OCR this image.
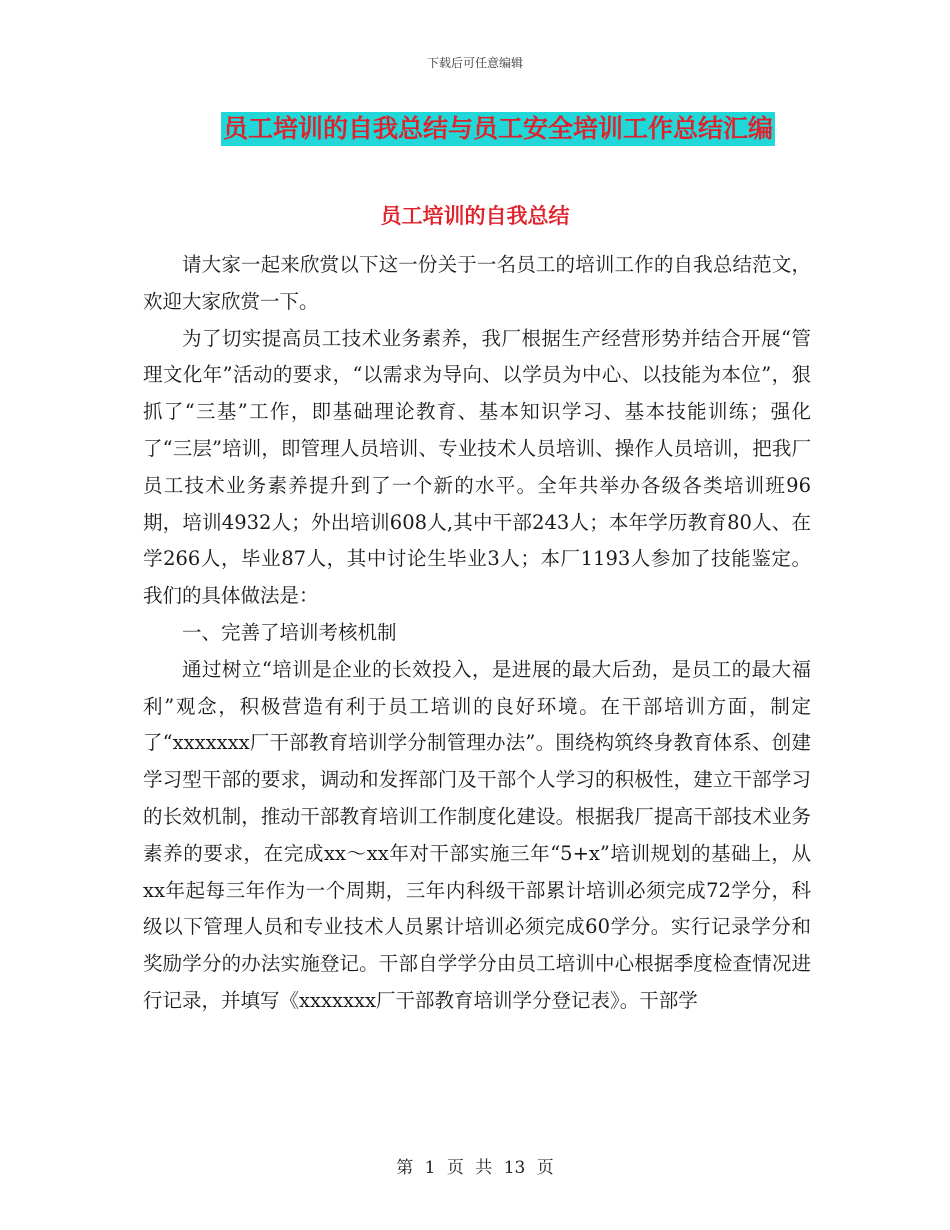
下载后可任意编辑
员工培训的自我总结与员工安全培训工作总结汇编
员工培训的自我总结

请大家一起来欣赏以下这一份关于一名员工的培训工作的自我总结范文，欢迎大家欣赏一下。

为了切实提高员工技术业务素养，我厂根据生产经营形势并结合开展“管理文化年”活动的要求，“以需求为导向、以学员为中心、以技能为本位”，狠抓了“三基”工作，即基础理论教育、基本知识学习、基本技能训练；强化了“三层”培训，即管理人员培训、专业技术人员培训、操作人员培训，把我厂员工技术业务素养提升到了一个新的水平。全年共举办各级各类培训班96期，培训4932人；外出培训608人,其中干部243人；本年学历教育80人、在学266人，毕业87人，其中讨论生毕业3人；本厂1193人参加了技能鉴定。我们的具体做法是：

一、完善了培训考核机制

通过树立“培训是企业的长效投入，是进展的最大后劲，是员工的最大福利”观念，积极营造有利于员工培训的良好环境。在干部培训方面，制定了“xxxxxxx厂干部教育培训学分制管理办法”。围绕构筑终身教育体系、创建学习型干部的要求，调动和发挥部门及干部个人学习的积极性，建立干部学习的长效机制，推动干部教育培训工作制度化建设。根据我厂提高干部技术业务素养的要求，在完成xx～xx年对干部实施三年“5+x”培训规划的基础上，从xx年起每三年作为一个周期，三年内科级干部累计培训必须完成72学分，科级以下管理人员和专业技术人员累计培训必须完成60学分。实行记录学分和奖励学分的办法实施登记。干部自学学分由员工培训中心根据季度检查情况进行记录，并填写《xxxxxxx厂干部教育培训学分登记表》。干部学

第 1 页 共 13 页
